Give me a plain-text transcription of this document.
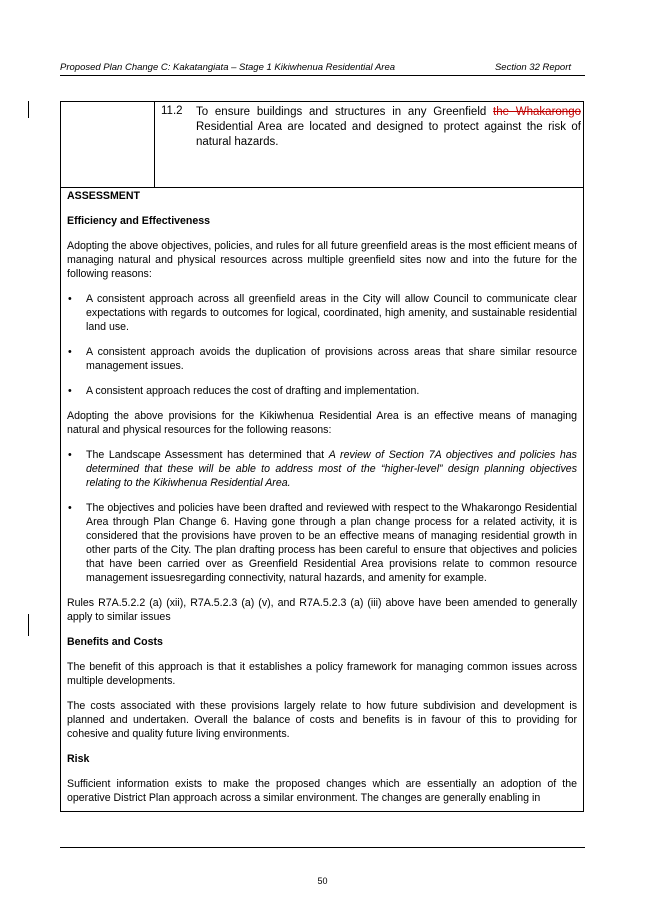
Proposed Plan Change C: Kakatangiata – Stage 1 Kikiwhenua Residential Area	Section 32 Report
11.2 To ensure buildings and structures in any Greenfield the Whakarongo Residential Area are located and designed to protect against the risk of natural hazards.

ASSESSMENT

Efficiency and Effectiveness

Adopting the above objectives, policies, and rules for all future greenfield areas is the most efficient means of managing natural and physical resources across multiple greenfield sites now and into the future for the following reasons:

• A consistent approach across all greenfield areas in the City will allow Council to communicate clear expectations with regards to outcomes for logical, coordinated, high amenity, and sustainable residential land use.
• A consistent approach avoids the duplication of provisions across areas that share similar resource management issues.
• A consistent approach reduces the cost of drafting and implementation.

Adopting the above provisions for the Kikiwhenua Residential Area is an effective means of managing natural and physical resources for the following reasons:

• The Landscape Assessment has determined that A review of Section 7A objectives and policies has determined that these will be able to address most of the “higher-level” design planning objectives relating to the Kikiwhenua Residential Area.
• The objectives and policies have been drafted and reviewed with respect to the Whakarongo Residential Area through Plan Change 6. Having gone through a plan change process for a related activity, it is considered that the provisions have proven to be an effective means of managing residential growth in other parts of the City. The plan drafting process has been careful to ensure that objectives and policies that have been carried over as Greenfield Residential Area provisions relate to common resource management issuesregarding connectivity, natural hazards, and amenity for example.

Rules R7A.5.2.2 (a) (xii), R7A.5.2.3 (a) (v), and R7A.5.2.3 (a) (iii) above have been amended to generally apply to similar issues

Benefits and Costs

The benefit of this approach is that it establishes a policy framework for managing common issues across multiple developments.

The costs associated with these provisions largely relate to how future subdivision and development is planned and undertaken. Overall the balance of costs and benefits is in favour of this to providing for cohesive and quality future living environments.

Risk

Sufficient information exists to make the proposed changes which are essentially an adoption of the operative District Plan approach across a similar environment. The changes are generally enabling in

50
